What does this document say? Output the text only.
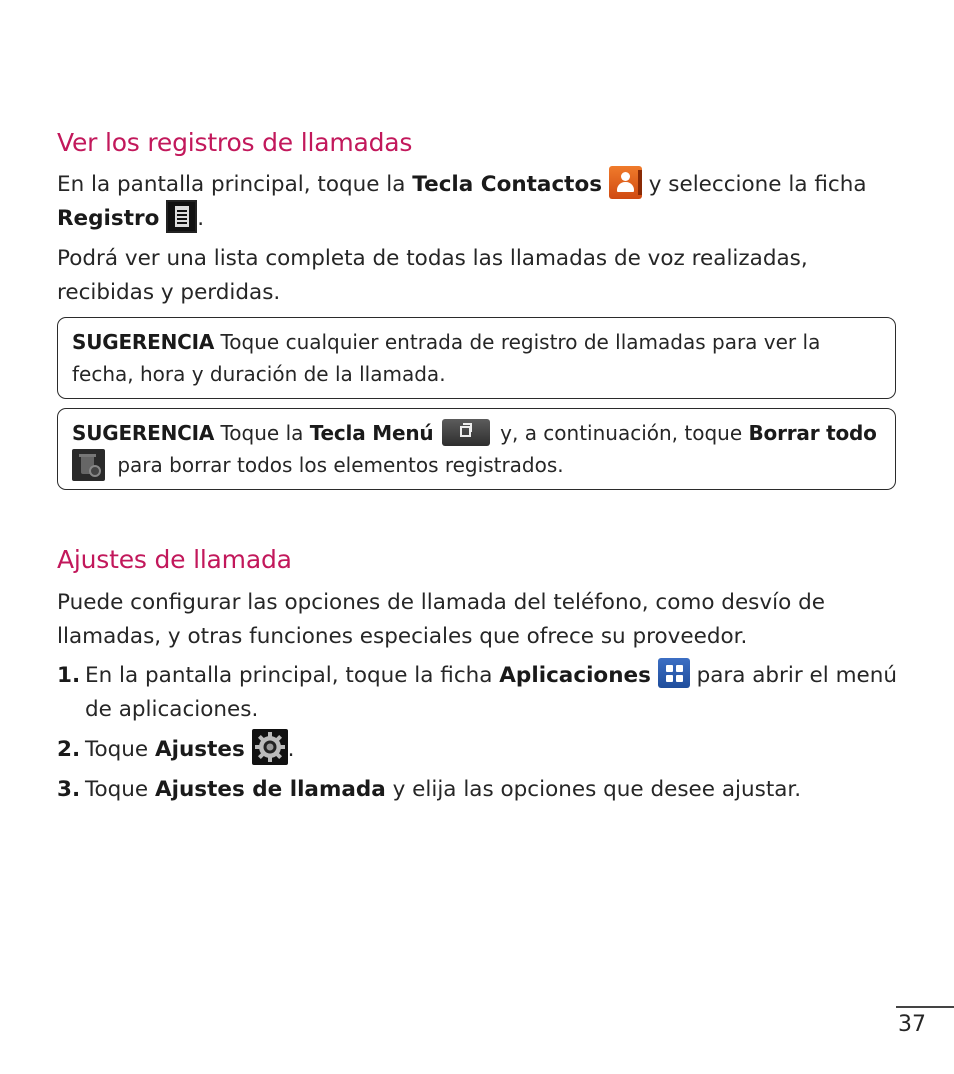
Ver los registros de llamadas

En la pantalla principal, toque la Tecla Contactos
y seleccione la ficha Registro .

Podrá ver una lista completa de todas las llamadas de voz realizadas, recibidas y perdidas.

SUGERENCIA Toque cualquier entrada de registro de llamadas para ver la fecha, hora y duración de la llamada.
SUGERENCIA Toque la Tecla Menú	y, a continuación, toque Borrar todo

para borrar todos los elementos registrados.
Ajustes de llamada

Puede configurar las opciones de llamada del teléfono, como desvío de llamadas, y otras funciones especiales que ofrece su proveedor.

1. En la pantalla principal, toque la ficha Aplicaciones
para abrir el menú de aplicaciones.
2. Toque Ajustes .
3. Toque Ajustes de llamada y elija las opciones que desee ajustar.
37
